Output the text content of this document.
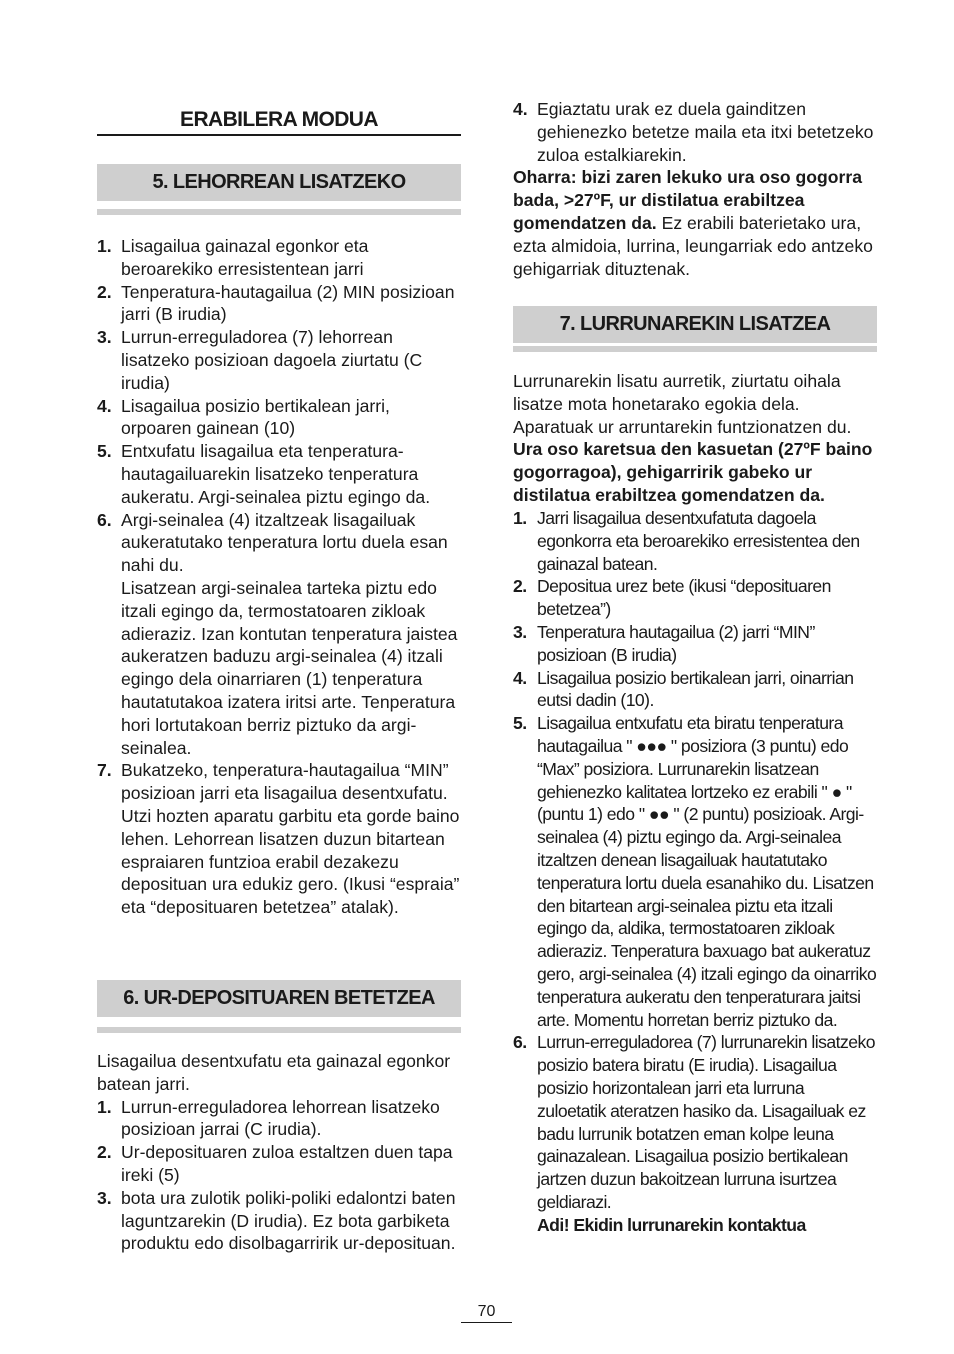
ERABILERA MODUA
5. LEHORREAN LISATZEKO
1. Lisagailua gainazal egonkor eta beroarekiko erresistentean jarri
2. Tenperatura-hautagailua (2) MIN posizioan jarri (B irudia)
3. Lurrun-erreguladorea (7) lehorrean lisatzeko posizioan dagoela ziurtatu (C irudia)
4. Lisagailua posizio bertikalean jarri, orpoaren gainean (10)
5. Entxufatu lisagailua eta tenperatura-hautagailuarekin lisatzeko tenperatura aukeratu. Argi-seinalea piztu egingo da.
6. Argi-seinalea (4) itzaltzeak lisagailuak aukeratutako tenperatura lortu duela esan nahi du.
Lisatzean argi-seinalea tarteka piztu edo itzali egingo da, termostatoaren zikloak adieraziz. Izan kontutan tenperatura jaistea aukeratzen baduzu argi-seinalea (4) itzali egingo dela oinarriaren (1) tenperatura hautatutakoa izatera iritsi arte. Tenperatura hori lortutakoan berriz piztuko da argi-seinalea.
7. Bukatzeko, tenperatura-hautagailua “MIN” posizioan jarri eta lisagailua desentxufatu. Utzi hozten aparatu garbitu eta gorde baino lehen. Lehorrean lisatzen duzun bitartean espraiaren funtzioa erabil dezakezu deposituan ura edukiz gero. (Ikusi “espraia” eta “deposituaren betetzea” atalak).
6. UR-DEPOSITUAREN BETETZEA

Lisagailua desentxufatu eta gainazal egonkor batean jarri.

1. Lurrun-erreguladorea lehorrean lisatzeko posizioan jarrai (C irudia).
2. Ur-deposituaren zuloa estaltzen duen tapa ireki (5)
3. bota ura zulotik poliki-poliki edalontzi baten laguntzarekin (D irudia). Ez bota garbiketa produktu edo disolbagarririk ur-deposituan.
4. Egiaztatu urak ez duela gainditzen gehienezko betetze maila eta itxi betetzeko zuloa estalkiarekin.

Oharra: bizi zaren lekuko ura oso gogorra bada, >27ºF, ur distilatua erabiltzea gomendatzen da. Ez erabili baterietako ura, ezta almidoia, lurrina, leungarriak edo antzeko gehigarriak dituztenak.

7. LURRUNAREKIN LISATZEA

Lurrunarekin lisatu aurretik, ziurtatu oihala lisatze mota honetarako egokia dela. Aparatuak ur arruntarekin funtzionatzen du. Ura oso karetsua den kasuetan (27ºF baino gogorragoa), gehigarririk gabeko ur distilatua erabiltzea gomendatzen da.

1. Jarri lisagailua desentxufatuta dagoela egonkorra eta beroarekiko erresistentea den gainazal batean.
2. Depositua urez bete (ikusi “deposituaren betetzea”)
3. Tenperatura hautagailua (2) jarri “MIN” posizioan (B irudia)
4. Lisagailua posizio bertikalean jarri, oinarrian eutsi dadin (10).
5. Lisagailua entxufatu eta biratu tenperatura hautagailua " ●●● " posiziora (3 puntu) edo “Max” posiziora. Lurrunarekin lisatzean gehienezko kalitatea lortzeko ez erabili " ● " (puntu 1) edo " ●● " (2 puntu) posizioak. Argi-seinalea (4) piztu egingo da. Argi-seinalea itzaltzen denean lisagailuak hautatutako tenperatura lortu duela esanahiko du. Lisatzen den bitartean argi-seinalea piztu eta itzali egingo da, aldika, termostatoaren zikloak adieraziz. Tenperatura baxuago bat aukeratuz gero, argi-seinalea (4) itzali egingo da oinarriko tenperatura aukeratu den tenperaturara jaitsi arte. Momentu horretan berriz piztuko da.
6. Lurrun-erreguladorea (7) lurrunarekin lisatzeko posizio batera biratu (E irudia). Lisagailua posizio horizontalean jarri eta lurruna zuloetatik ateratzen hasiko da. Lisagailuak ez badu lurrunik botatzen eman kolpe leuna gainazalean. Lisagailua posizio bertikalean jartzen duzun bakoitzean lurruna isurtzea geldiarazi.
Adi! Ekidin lurrunarekin kontaktua
70
